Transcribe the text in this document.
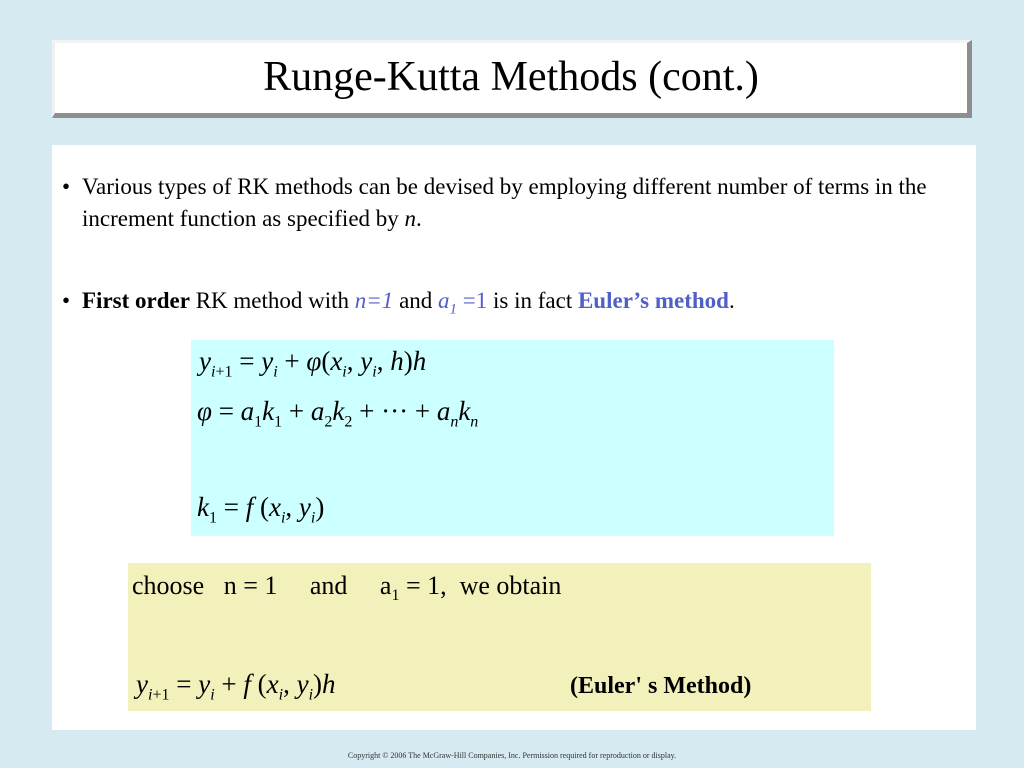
Runge-Kutta Methods (cont.)
• Various types of RK methods can be devised by employing different number of terms in the increment function as specified by n.
• First order RK method with n=1 and $a_1 =1$ is in fact Euler’s method.
$y_{i+1} = y_i + \varphi(x_i$, $y_i$, h)h
$\varphi = a_1k_1 + a_2k_2$ + ··· + $a_nk_n$
$k_1 = f$ ($x_i$, $y_i$)
choose   n = 1     and     $a_1 = 1$,  we obtain
$y_{i+1} = y_i + f$ ($x_i$, $y_i)h$	(Euler' s Method)
Copyright © 2006 The McGraw-Hill Companies, Inc. Permission required for reproduction or display.
